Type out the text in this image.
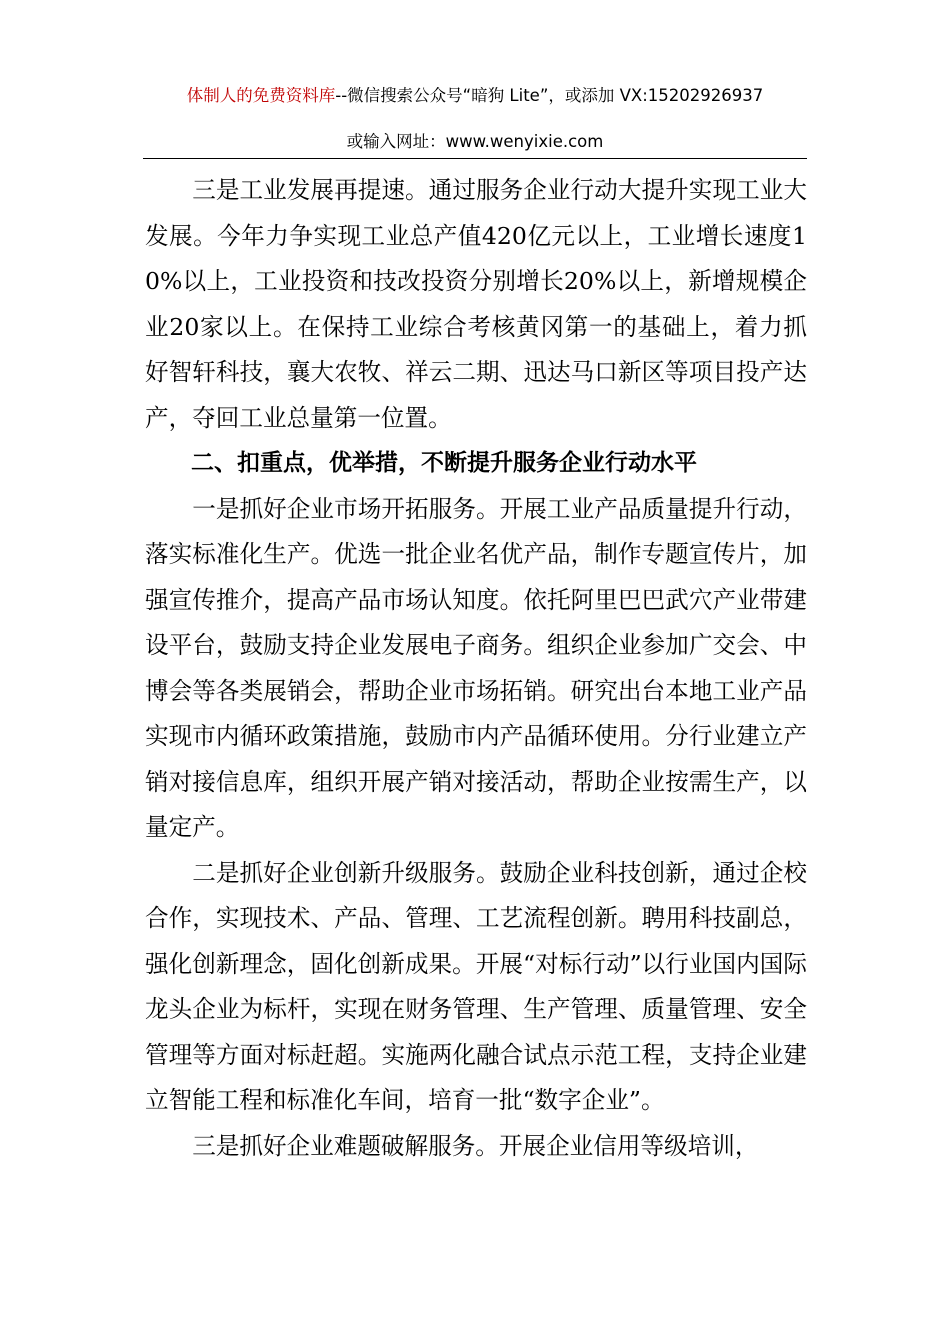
体制人的免费资料库--微信搜索公众号“暗狗 Lite”，或添加 VX:15202926937
或输入网址：www.wenyixie.com

三是工业发展再提速。通过服务企业行动大提升实现工业大发展。今年力争实现工业总产值420亿元以上，工业增长速度10%以上，工业投资和技改投资分别增长20%以上，新增规模企业20家以上。在保持工业综合考核黄冈第一的基础上，着力抓好智轩科技，襄大农牧、祥云二期、迅达马口新区等项目投产达产，夺回工业总量第一位置。

二、扣重点，优举措，不断提升服务企业行动水平

一是抓好企业市场开拓服务。开展工业产品质量提升行动，落实标准化生产。优选一批企业名优产品，制作专题宣传片，加强宣传推介，提高产品市场认知度。依托阿里巴巴武穴产业带建设平台，鼓励支持企业发展电子商务。组织企业参加广交会、中博会等各类展销会，帮助企业市场拓销。研究出台本地工业产品实现市内循环政策措施，鼓励市内产品循环使用。分行业建立产销对接信息库，组织开展产销对接活动，帮助企业按需生产，以量定产。

二是抓好企业创新升级服务。鼓励企业科技创新，通过企校合作，实现技术、产品、管理、工艺流程创新。聘用科技副总，强化创新理念，固化创新成果。开展“对标行动”以行业国内国际龙头企业为标杆，实现在财务管理、生产管理、质量管理、安全管理等方面对标赶超。实施两化融合试点示范工程，支持企业建立智能工程和标准化车间，培育一批“数字企业”。

三是抓好企业难题破解服务。开展企业信用等级培训，
